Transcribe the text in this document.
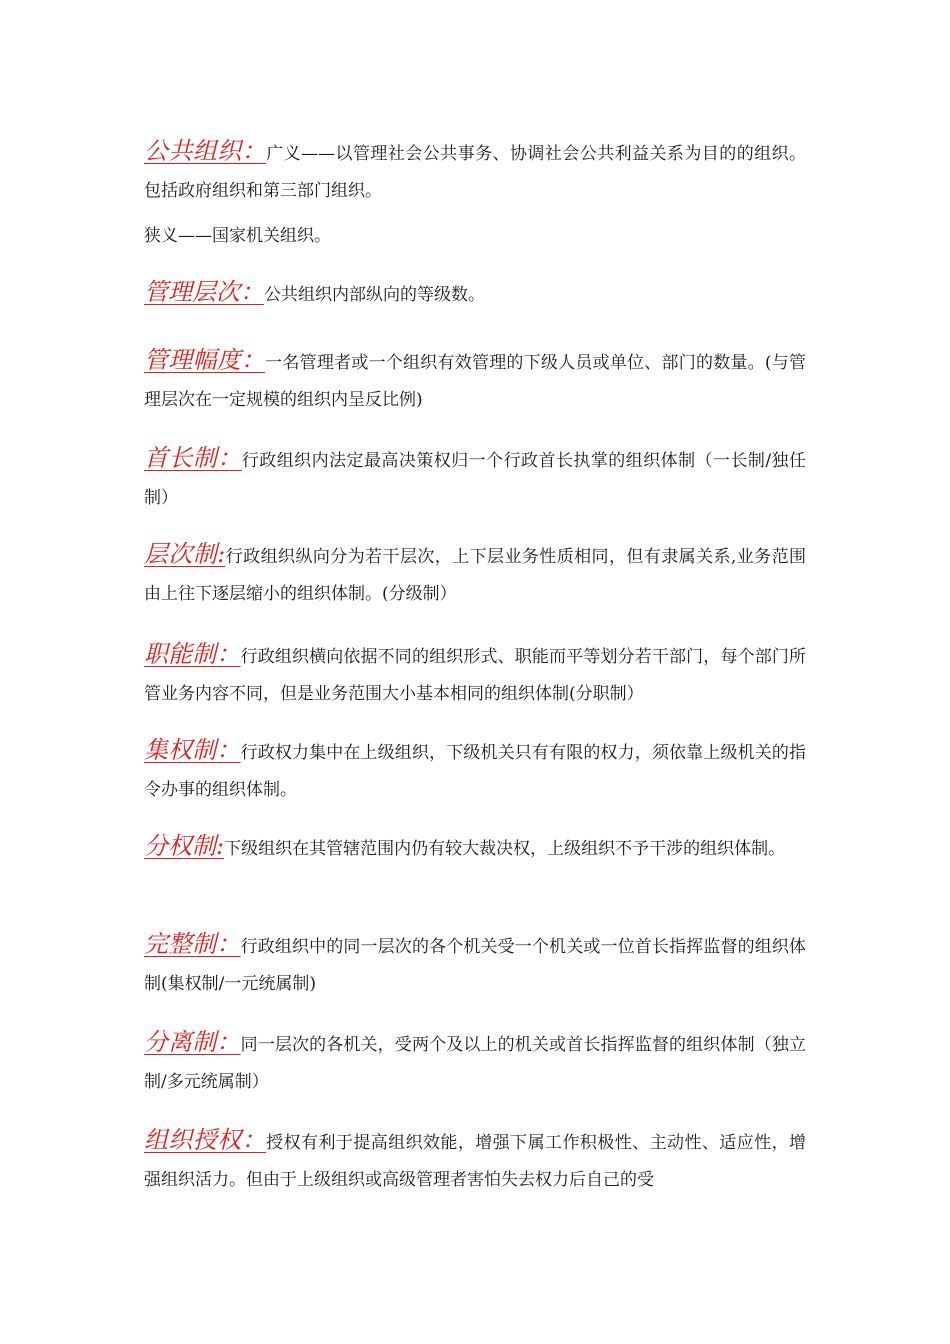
公共组织：广义——以管理社会公共事务、协调社会公共利益关系为目的的组织。包括政府组织和第三部门组织。
狭义——国家机关组织。
管理层次：公共组织内部纵向的等级数。
管理幅度：一名管理者或一个组织有效管理的下级人员或单位、部门的数量。(与管理层次在一定规模的组织内呈反比例)
首长制：行政组织内法定最高决策权归一个行政首长执掌的组织体制（一长制/独任制）
层次制:行政组织纵向分为若干层次，上下层业务性质相同，但有隶属关系,业务范围由上往下逐层缩小的组织体制。(分级制）
职能制：行政组织横向依据不同的组织形式、职能而平等划分若干部门，每个部门所管业务内容不同，但是业务范围大小基本相同的组织体制(分职制）
集权制：行政权力集中在上级组织，下级机关只有有限的权力，须依靠上级机关的指令办事的组织体制。
分权制:下级组织在其管辖范围内仍有较大裁决权，上级组织不予干涉的组织体制。
完整制：行政组织中的同一层次的各个机关受一个机关或一位首长指挥监督的组织体制(集权制/一元统属制)
分离制：同一层次的各机关，受两个及以上的机关或首长指挥监督的组织体制（独立制/多元统属制）
组织授权：授权有利于提高组织效能，增强下属工作积极性、主动性、适应性，增强组织活力。但由于上级组织或高级管理者害怕失去权力后自己的受
